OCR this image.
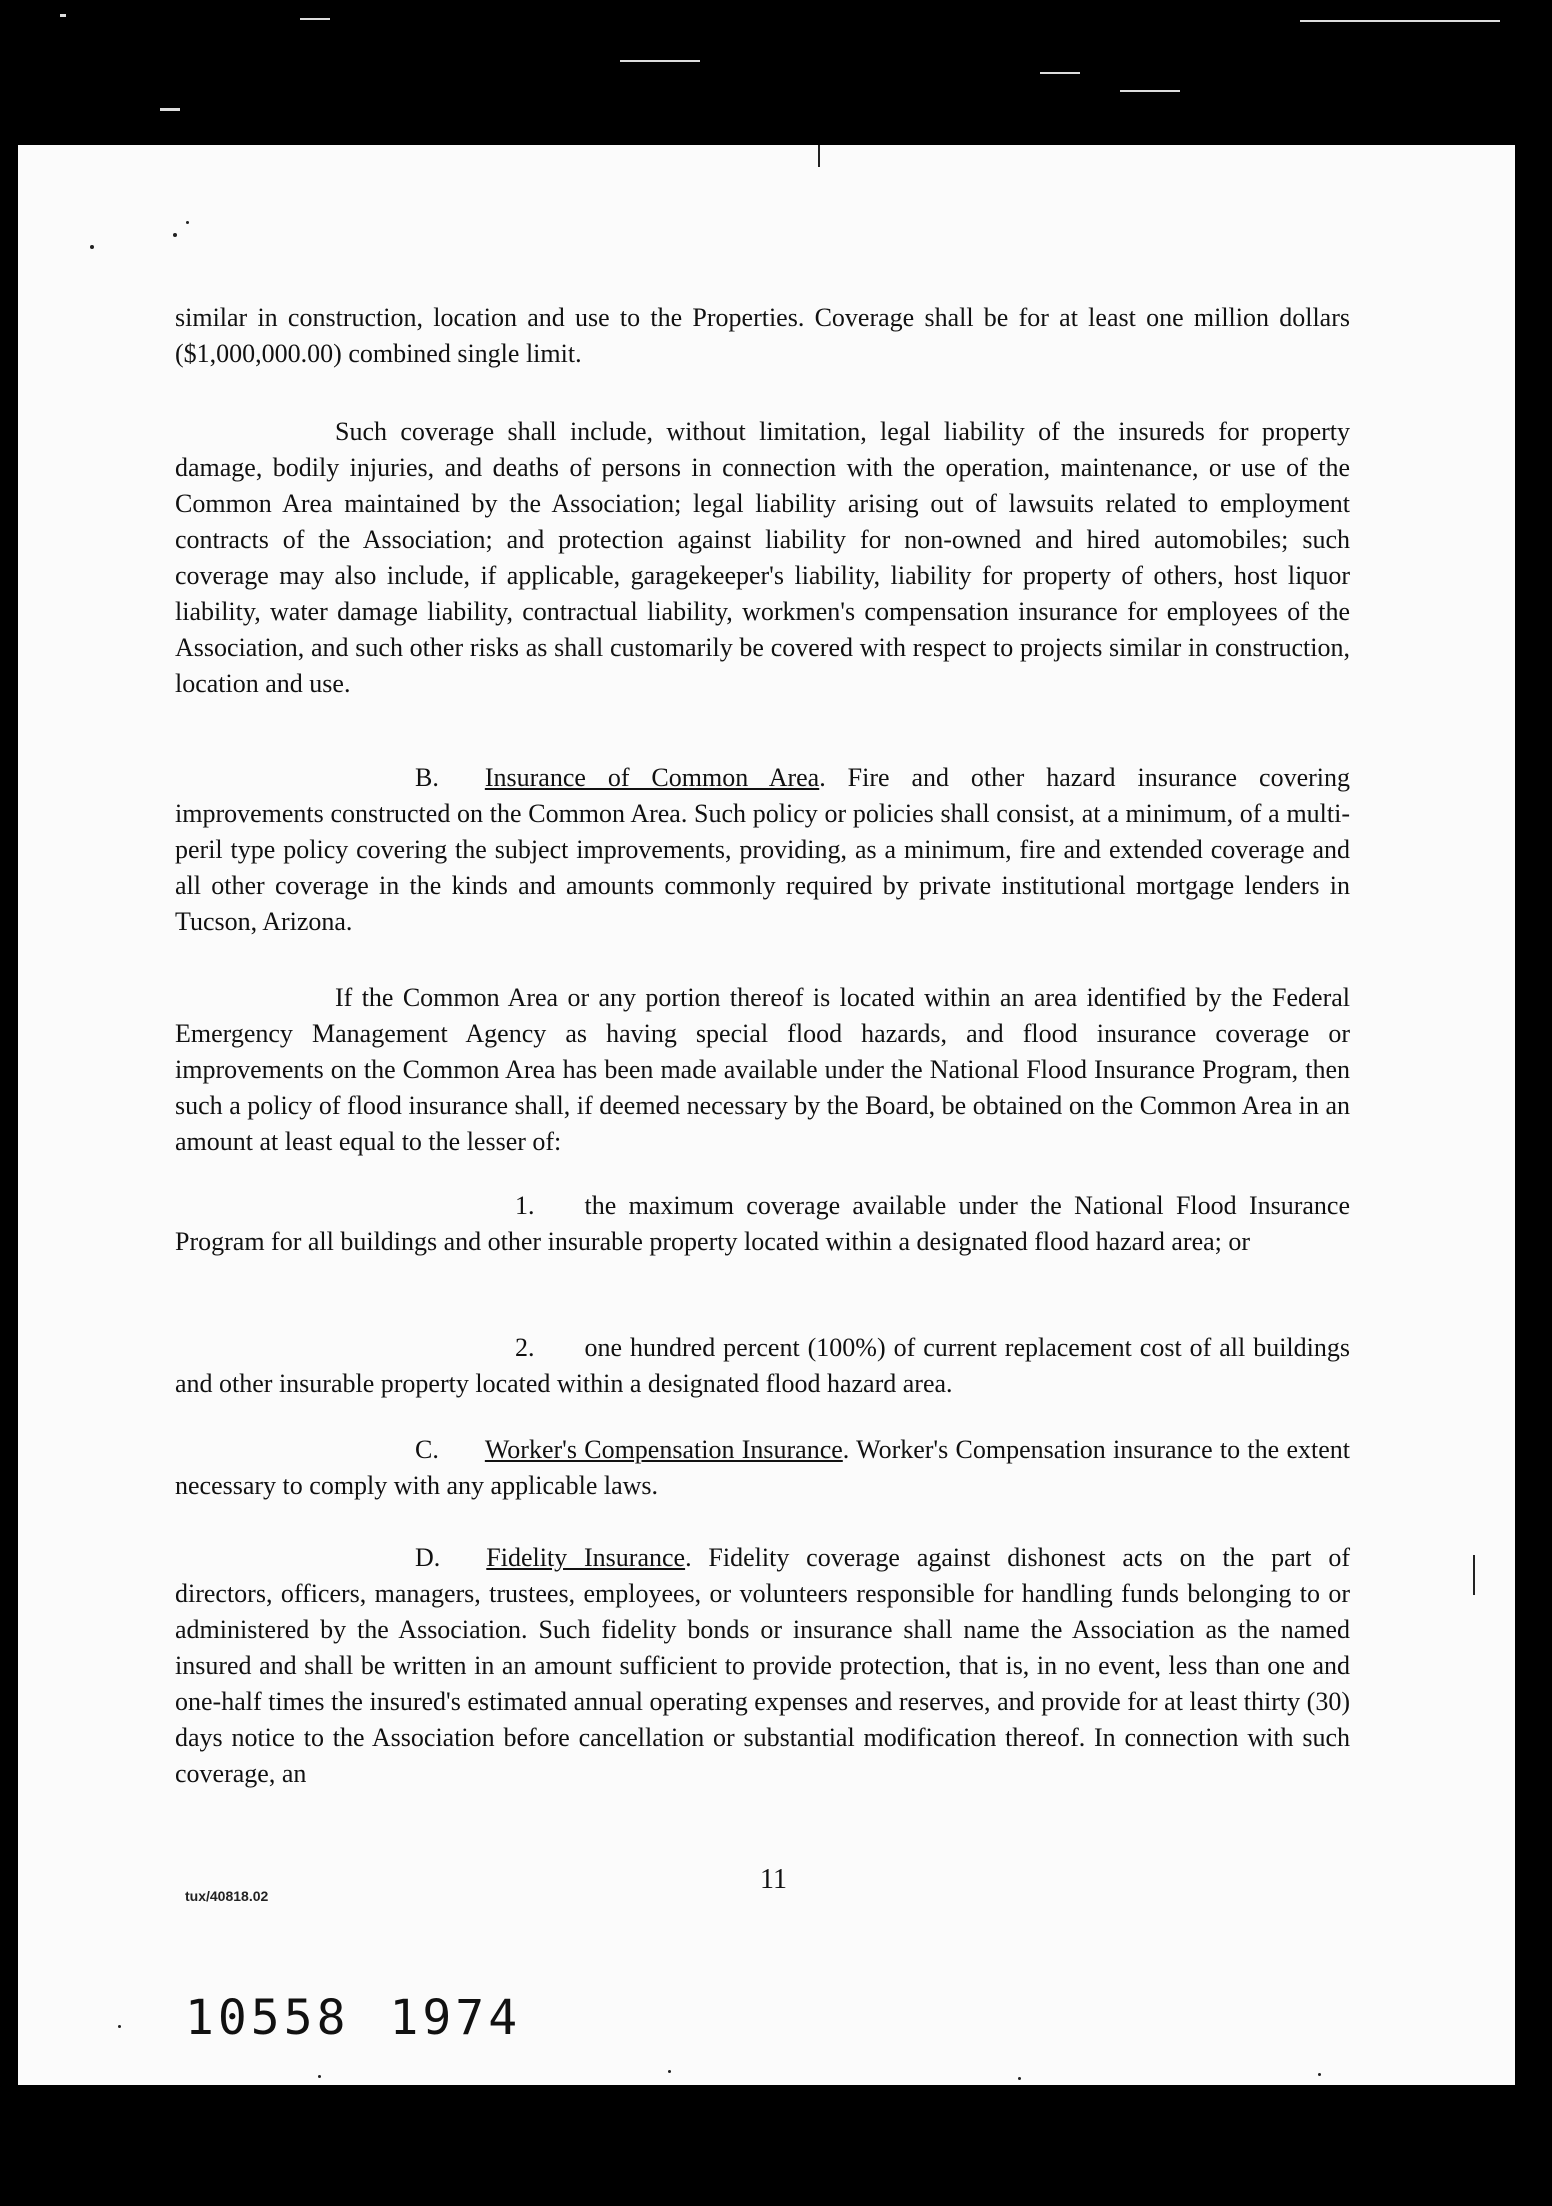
similar in construction, location and use to the Properties. Coverage shall be for at least one million dollars ($1,000,000.00) combined single limit.

Such coverage shall include, without limitation, legal liability of the insureds for property damage, bodily injuries, and deaths of persons in connection with the operation, maintenance, or use of the Common Area maintained by the Association; legal liability arising out of lawsuits related to employment contracts of the Association; and protection against liability for non-owned and hired automobiles; such coverage may also include, if applicable, garagekeeper's liability, liability for property of others, host liquor liability, water damage liability, contractual liability, workmen's compensation insurance for employees of the Association, and such other risks as shall customarily be covered with respect to projects similar in construction, location and use.

B. Insurance of Common Area. Fire and other hazard insurance covering improvements constructed on the Common Area. Such policy or policies shall consist, at a minimum, of a multi-peril type policy covering the subject improvements, providing, as a minimum, fire and extended coverage and all other coverage in the kinds and amounts commonly required by private institutional mortgage lenders in Tucson, Arizona.

If the Common Area or any portion thereof is located within an area identified by the Federal Emergency Management Agency as having special flood hazards, and flood insurance coverage or improvements on the Common Area has been made available under the National Flood Insurance Program, then such a policy of flood insurance shall, if deemed necessary by the Board, be obtained on the Common Area in an amount at least equal to the lesser of:

1. the maximum coverage available under the National Flood Insurance Program for all buildings and other insurable property located within a designated flood hazard area; or

2. one hundred percent (100%) of current replacement cost of all buildings and other insurable property located within a designated flood hazard area.

C. Worker's Compensation Insurance. Worker's Compensation insurance to the extent necessary to comply with any applicable laws.

D. Fidelity Insurance. Fidelity coverage against dishonest acts on the part of directors, officers, managers, trustees, employees, or volunteers responsible for handling funds belonging to or administered by the Association. Such fidelity bonds or insurance shall name the Association as the named insured and shall be written in an amount sufficient to provide protection, that is, in no event, less than one and one-half times the insured's estimated annual operating expenses and reserves, and provide for at least thirty (30) days notice to the Association before cancellation or substantial modification thereof. In connection with such coverage, an

tux/40818.02
11
10558 1974
